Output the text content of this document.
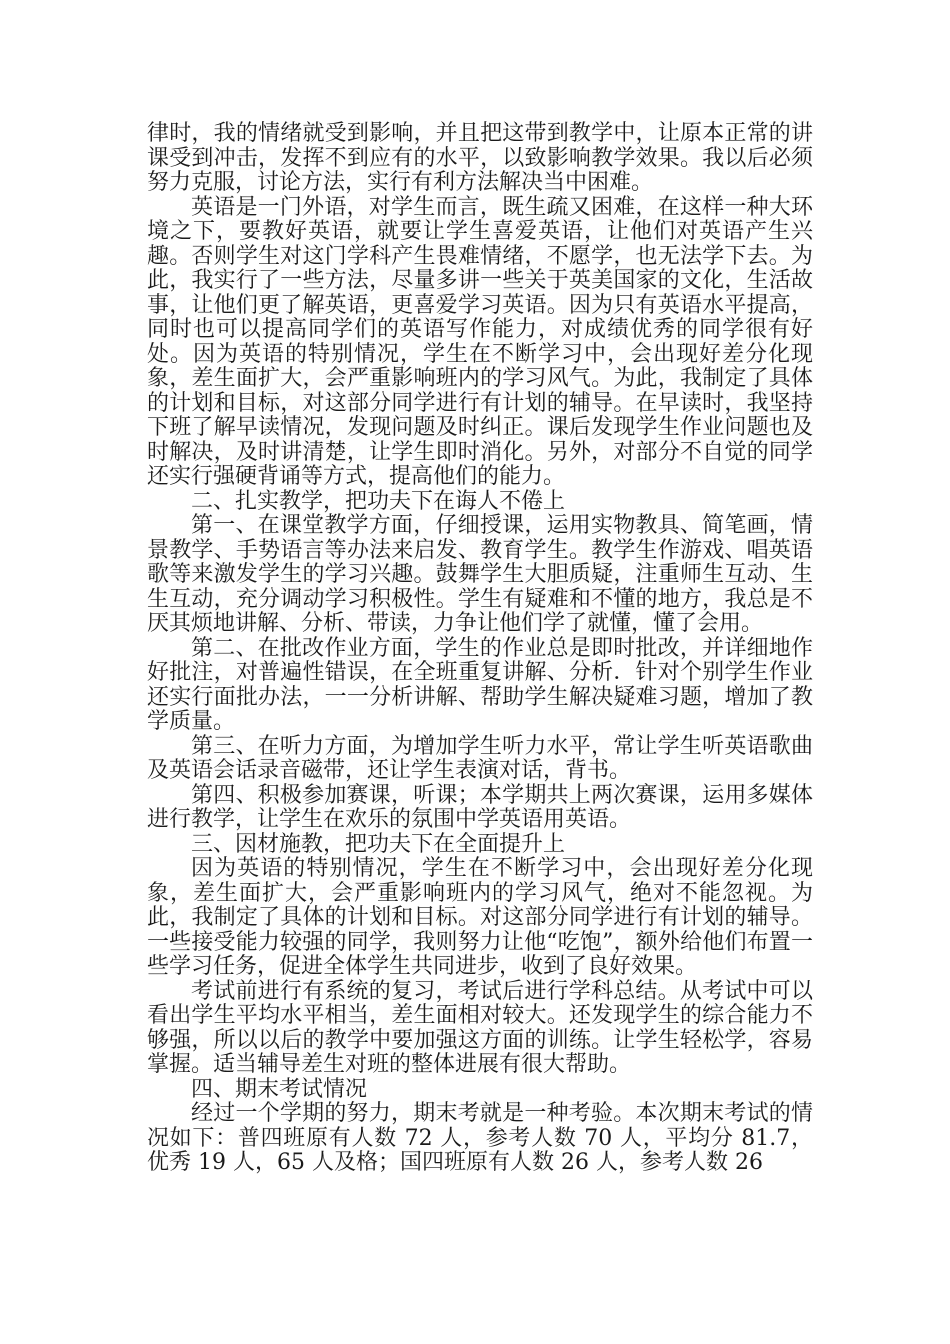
律时，我的情绪就受到影响，并且把这带到教学中，让原本正常的讲课受到冲击，发挥不到应有的水平，以致影响教学效果。我以后必须努力克服，讨论方法，实行有利方法解决当中困难。

英语是一门外语，对学生而言，既生疏又困难，在这样一种大环境之下，要教好英语，就要让学生喜爱英语，让他们对英语产生兴趣。否则学生对这门学科产生畏难情绪，不愿学，也无法学下去。为此，我实行了一些方法，尽量多讲一些关于英美国家的文化，生活故事，让他们更了解英语，更喜爱学习英语。因为只有英语水平提高，同时也可以提高同学们的英语写作能力，对成绩优秀的同学很有好处。因为英语的特别情况，学生在不断学习中，会出现好差分化现象，差生面扩大，会严重影响班内的学习风气。为此，我制定了具体的计划和目标，对这部分同学进行有计划的辅导。在早读时，我坚持下班了解早读情况，发现问题及时纠正。课后发现学生作业问题也及时解决，及时讲清楚，让学生即时消化。另外，对部分不自觉的同学还实行强硬背诵等方式，提高他们的能力。

二、扎实教学，把功夫下在诲人不倦上

第一、在课堂教学方面，仔细授课，运用实物教具、简笔画，情景教学、手势语言等办法来启发、教育学生。教学生作游戏、唱英语歌等来激发学生的学习兴趣。鼓舞学生大胆质疑，注重师生互动、生生互动，充分调动学习积极性。学生有疑难和不懂的地方，我总是不厌其烦地讲解、分析、带读，力争让他们学了就懂，懂了会用。

第二、在批改作业方面，学生的作业总是即时批改，并详细地作好批注，对普遍性错误，在全班重复讲解、分析．针对个别学生作业还实行面批办法，一一分析讲解、帮助学生解决疑难习题，增加了教学质量。

第三、在听力方面，为增加学生听力水平，常让学生听英语歌曲及英语会话录音磁带，还让学生表演对话，背书。

第四、积极参加赛课，听课；本学期共上两次赛课，运用多媒体进行教学，让学生在欢乐的氛围中学英语用英语。

三、因材施教，把功夫下在全面提升上

因为英语的特别情况，学生在不断学习中，会出现好差分化现象，差生面扩大，会严重影响班内的学习风气，绝对不能忽视。为此，我制定了具体的计划和目标。对这部分同学进行有计划的辅导。一些接受能力较强的同学，我则努力让他“吃饱”，额外给他们布置一些学习任务，促进全体学生共同进步，收到了良好效果。

考试前进行有系统的复习，考试后进行学科总结。从考试中可以看出学生平均水平相当，差生面相对较大。还发现学生的综合能力不够强，所以以后的教学中要加强这方面的训练。让学生轻松学，容易掌握。适当辅导差生对班的整体进展有很大帮助。

四、期末考试情况

经过一个学期的努力，期末考就是一种考验。本次期末考试的情况如下：普四班原有人数 72 人，参考人数 70 人，平均分 81.7，优秀 19 人，65 人及格；国四班原有人数 26 人，参考人数 26
